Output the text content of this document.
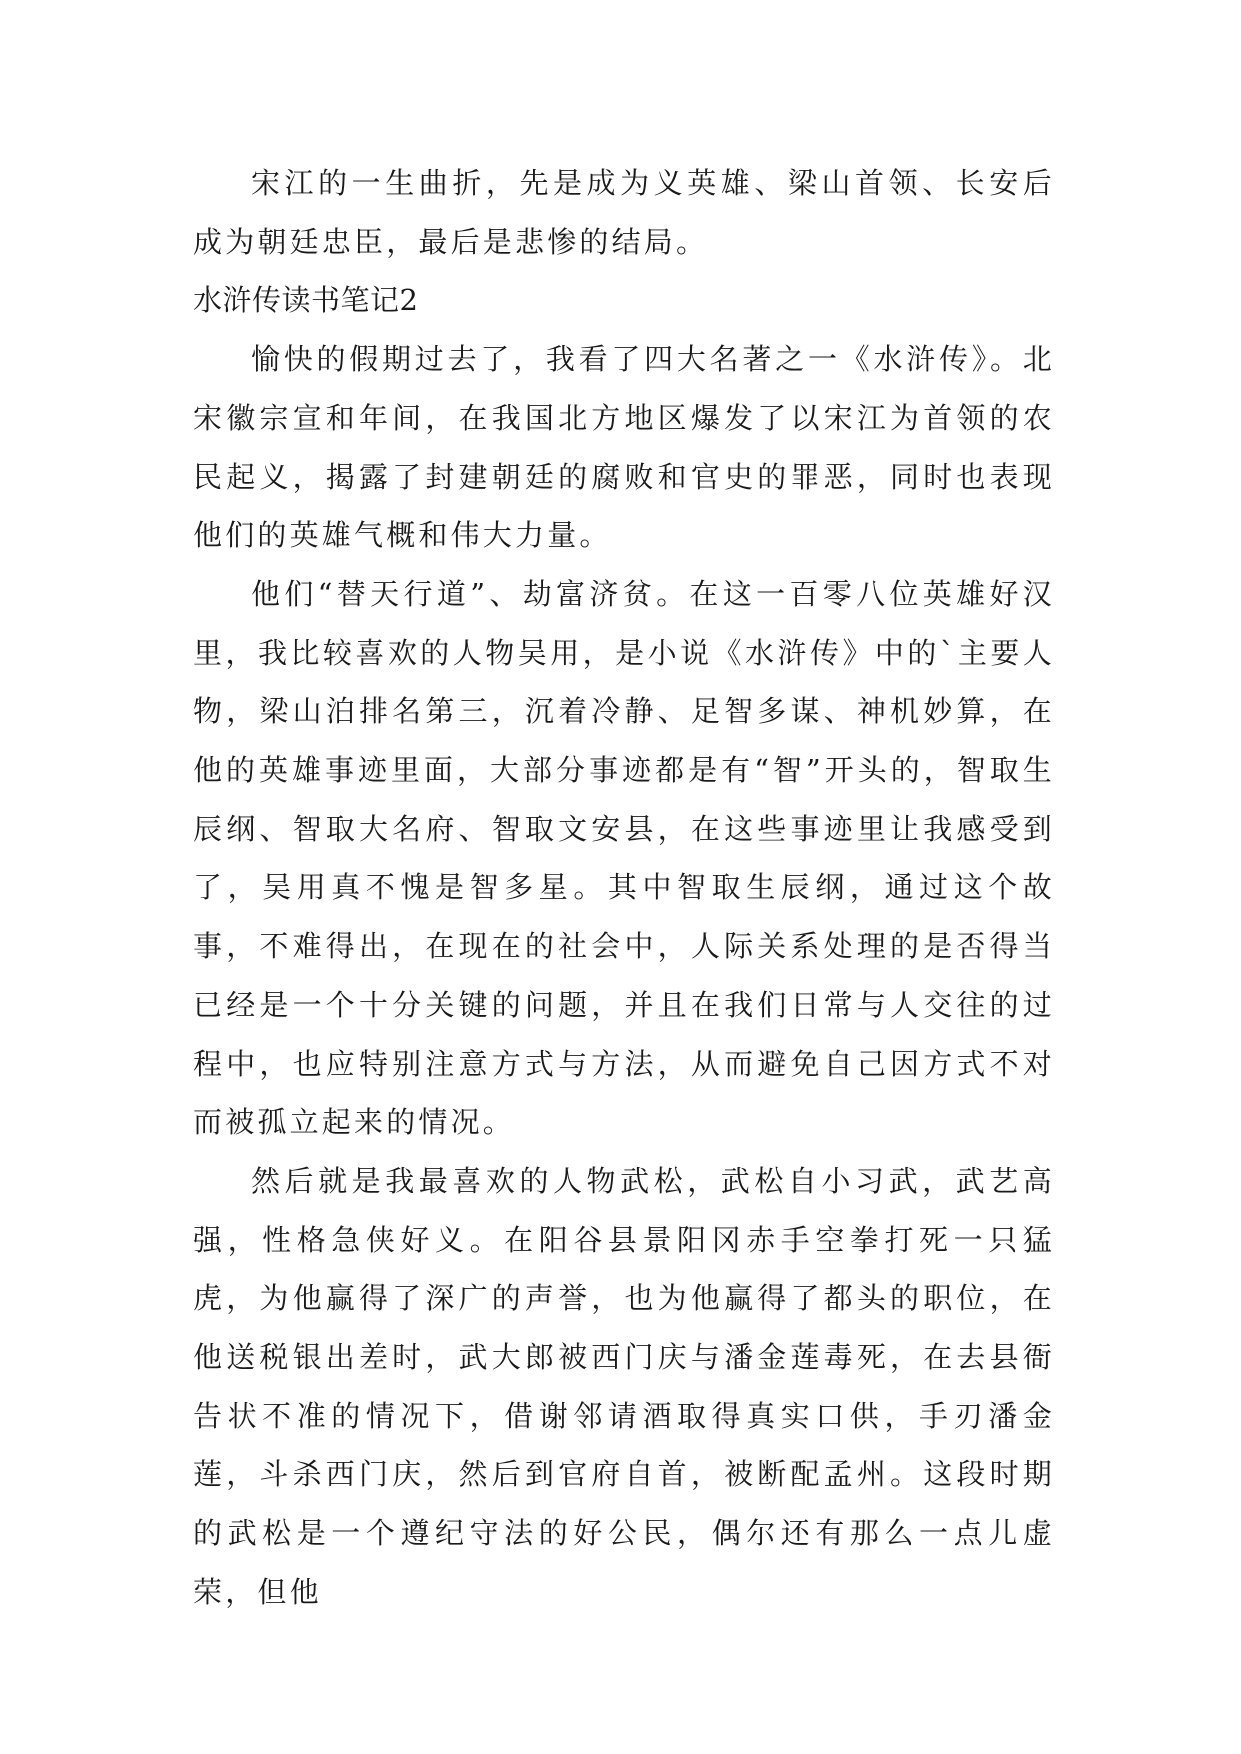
宋江的一生曲折，先是成为义英雄、梁山首领、长安后成为朝廷忠臣，最后是悲惨的结局。

水浒传读书笔记2

愉快的假期过去了，我看了四大名著之一《水浒传》。北宋徽宗宣和年间，在我国北方地区爆发了以宋江为首领的农民起义，揭露了封建朝廷的腐败和官史的罪恶，同时也表现他们的英雄气概和伟大力量。

他们“替天行道”、劫富济贫。在这一百零八位英雄好汉里，我比较喜欢的人物吴用，是小说《水浒传》中的`主要人物，梁山泊排名第三，沉着冷静、足智多谋、神机妙算，在他的英雄事迹里面，大部分事迹都是有“智”开头的，智取生辰纲、智取大名府、智取文安县，在这些事迹里让我感受到了，吴用真不愧是智多星。其中智取生辰纲，通过这个故事，不难得出，在现在的社会中，人际关系处理的是否得当已经是一个十分关键的问题，并且在我们日常与人交往的过程中，也应特别注意方式与方法，从而避免自己因方式不对而被孤立起来的情况。

然后就是我最喜欢的人物武松，武松自小习武，武艺高强，性格急侠好义。在阳谷县景阳冈赤手空拳打死一只猛虎，为他赢得了深广的声誉，也为他赢得了都头的职位，在他送税银出差时，武大郎被西门庆与潘金莲毒死，在去县衙告状不准的情况下，借谢邻请酒取得真实口供，手刃潘金莲，斗杀西门庆，然后到官府自首，被断配孟州。这段时期的武松是一个遵纪守法的好公民，偶尔还有那么一点儿虚荣，但他
